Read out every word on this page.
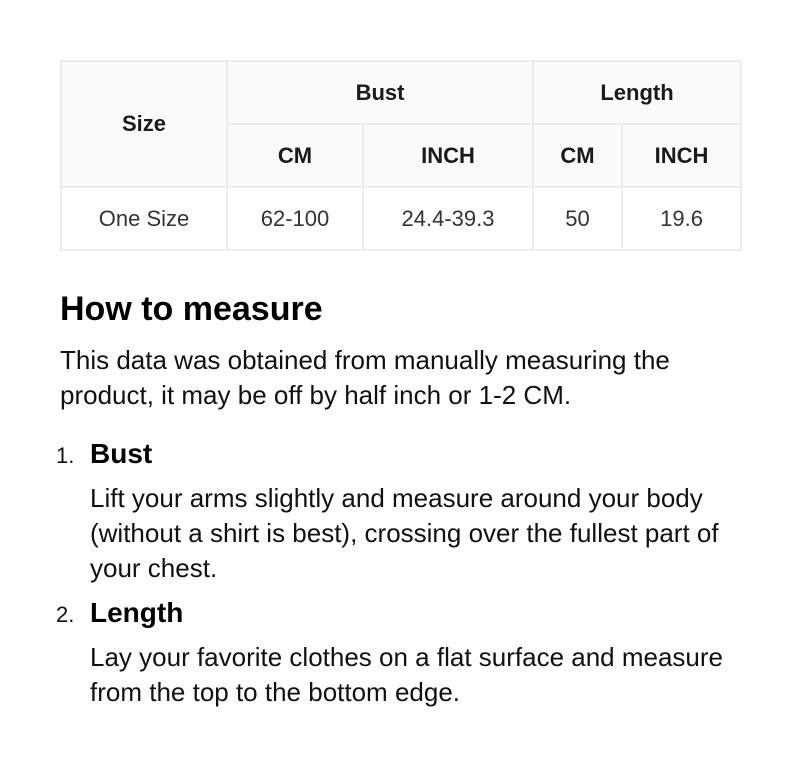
Size	Bust		Length	
	CM	INCH	CM	INCH
One Size	62-100	24.4-39.3	50	19.6
How to measure

This data was obtained from manually measuring the product, it may be off by half inch or 1-2 CM.

1. Bust
Lift your arms slightly and measure around your body (without a shirt is best), crossing over the fullest part of your chest.
2. Length
Lay your favorite clothes on a flat surface and measure from the top to the bottom edge.
